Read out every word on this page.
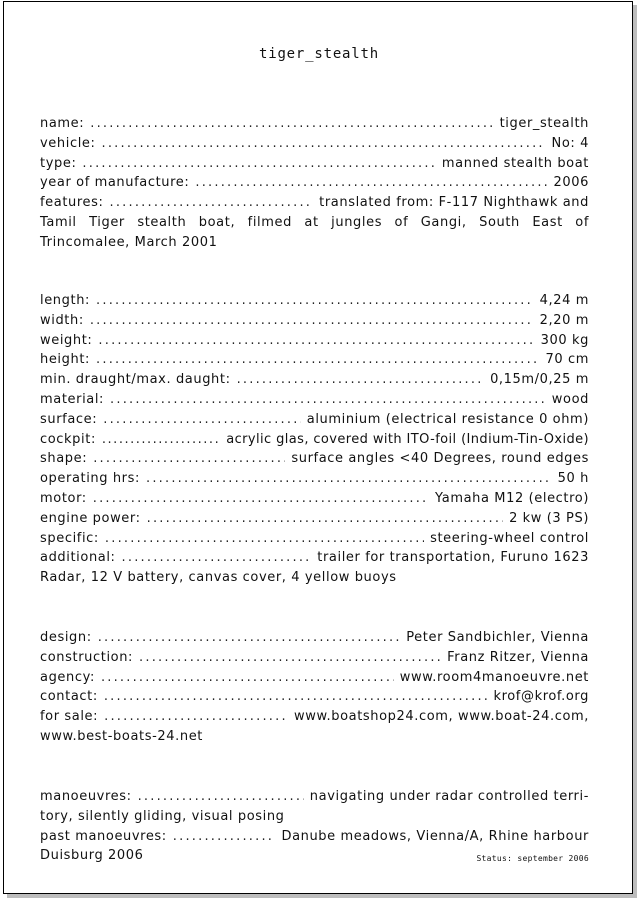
tiger_stealth
name: .....	tiger_stealth
vehicle: .....	No: 4
type: .....	manned stealth boat
year of manufacture: .....	2006
features: .....	translated from: F-117 Nighthawk and
Tamil Tiger stealth boat, filmed at jungles of Gangi, South East of
Trincomalee, March 2001
length: .....	4,24 m
width: .....	2,20 m
weight: .....	300 kg
height: .....	70 cm
min. draught/max. daught: .....	0,15m/0,25 m
material: .....	wood
surface: .....	aluminium (electrical resistance 0 ohm)
cockpit: .....	acrylic glas, covered with ITO-foil (Indium-Tin-Oxide)
shape: .....	surface angles <40 Degrees, round edges
operating hrs: .....	50 h
motor: .....	Yamaha M12 (electro)
engine power: .....	2 kw (3 PS)
specific: .....	steering-wheel control
additional: .....	trailer for transportation, Furuno 1623
Radar, 12 V battery, canvas cover, 4 yellow buoys
design: .....	Peter Sandbichler, Vienna
construction: .....	Franz Ritzer, Vienna
agency: .....	www.room4manoeuvre.net
contact: .....	krof@krof.org
for sale: .....	www.boatshop24.com, www.boat-24.com,
www.best-boats-24.net
manoeuvres: .....	navigating under radar controlled terri-
tory, silently gliding, visual posing
past manoeuvres: .....	Danube meadows, Vienna/A, Rhine harbour
Duisburg 2006	Status: september 2006
